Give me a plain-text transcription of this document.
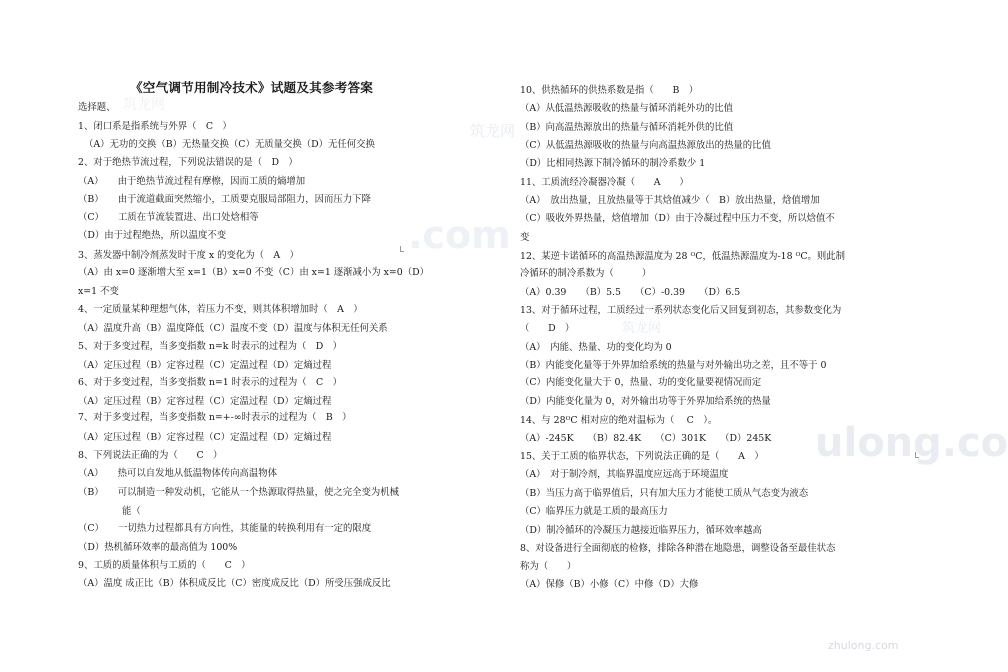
筑龙网
筑龙网
.com
筑龙网
ulong.co
zhulong.com
《空气调节用制冷技术》试题及其参考答案
选择题、
1、闭口系是指系统与外界（　C　）
（A）无功的交换（B）无热量交换（C）无质量交换（D）无任何交换
2、对于绝热节流过程，下列说法错误的是（　D　）
（A）　　由于绝热节流过程有摩檫，因而工质的熵增加
（B）　　由于流道截面突然缩小，工质要克服局部阻力，因而压力下降
（C）　　工质在节流装置进、出口处焓相等
（D）由于过程绝热，所以温度不变
3、蒸发器中制冷剂蒸发时干度 x 的变化为（　A　）
（A）由 x=0 逐渐增大至 x=1（B）x=0 不变（C）由 x=1 逐渐减小为 x=0（D）
x=1 不变
4、一定质量某种理想气体，若压力不变，则其体积增加时（　A　）
（A）温度升高（B）温度降低（C）温度不变（D）温度与体积无任何关系
5、对于多变过程，当多变指数 n=k 时表示的过程为（　D　）
（A）定压过程（B）定容过程（C）定温过程（D）定熵过程
6、对于多变过程，当多变指数 n=1 时表示的过程为（　C　）
（A）定压过程（B）定容过程（C）定温过程（D）定熵过程
7、对于多变过程，当多变指数 n=+-∞时表示的过程为（　B　）
（A）定压过程（B）定容过程（C）定温过程（D）定熵过程
8、下列说法正确的为（　　C　）
（A）　　热可以自发地从低温物体传向高温物体
（B）　　可以制造一种发动机，它能从一个热源取得热量，使之完全变为机械
能（
（C）　　一切热力过程都具有方向性，其能量的转换利用有一定的限度
（D）热机循环效率的最高值为 100%
9、工质的质量体积与工质的（　　C　）
（A）温度 成正比（B）体积成反比（C）密度成反比（D）所受压强成反比
10、供热循环的供热系数是指（　　B　）
（A）从低温热源吸收的热量与循环消耗外功的比值
（B）向高温热源放出的热量与循环消耗外供的比值
（C）从低温热源吸收的热量与向高温热源放出的热量的比值
（D）比相同热源下制冷循环的制冷系数少 1
11、工质流经冷凝器冷凝（　　A　　）
（A）　放出热量，且放热量等于其焓值减少（　B）放出热量，焓值增加
（C）吸收外界热量，焓值增加（D）由于冷凝过程中压力不变，所以焓值不
变
12、某逆卡诺循环的高温热源温度为 28 ᴼC，低温热源温度为-18 ᴼC。则此制
冷循环的制冷系数为（　　　）
（A）0.39　　（B）5.5　　（C）-0.39　　（D）6.5
13、对于循环过程，工质经过一系列状态变化后又回复到初态，其参数变化为
（　　D　）
（A）　内能、热量、功的变化均为 0
（B）内能变化量等于外界加给系统的热量与对外输出功之差，且不等于 0
（C）内能变化量大于 0，热量、功的变化量要视情况而定
（D）内能变化量为 0，对外输出功等于外界加给系统的热量
14、与 28ᴼC 相对应的绝对温标为（　 C　）。
（A）-245K　　（B）82.4K　　（C）301K　　（D）245K
15、关于工质的临界状态，下列说法正确的是（　　A　）
（A）　对于制冷剂，其临界温度应远高于环境温度
（B）当压力高于临界值后，只有加大压力才能使工质从气态变为液态
（C）临界压力就是工质的最高压力
（D）制冷循环的冷凝压力越接近临界压力，循环效率越高
8、对设备进行全面彻底的检修，排除各种潜在地隐患，调整设备至最佳状态
称为（　　）
（A）保修（B）小修（C）中修（D）大修
